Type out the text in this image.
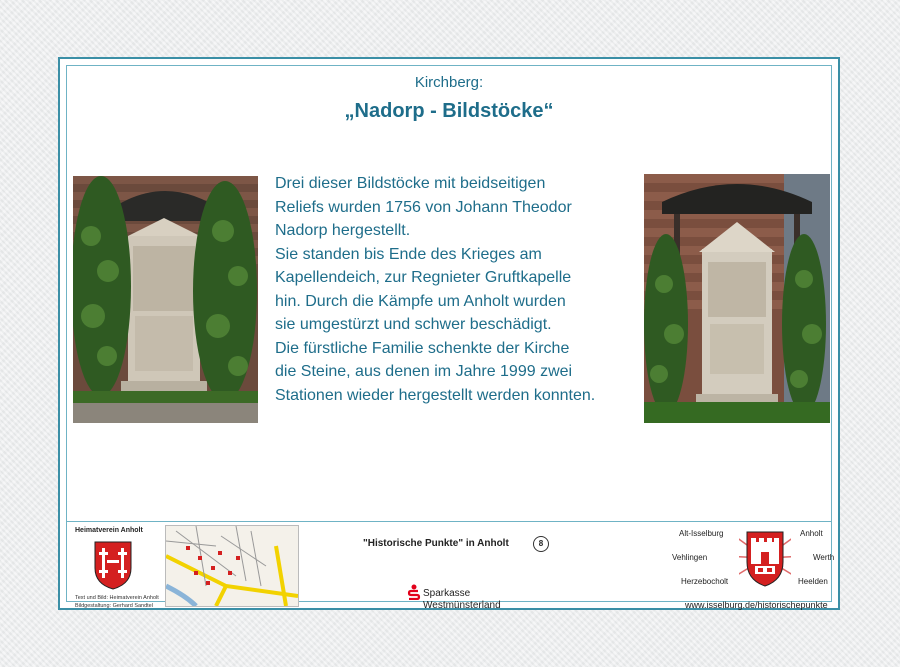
Kirchberg:
„Nadorp - Bildstöcke“
Drei dieser Bildstöcke mit beidseitigen
Reliefs wurden 1756 von Johann Theodor
Nadorp hergestellt.
Sie standen bis Ende des Krieges am
Kapellendeich, zur Regnieter Gruftkapelle
hin. Durch die Kämpfe um Anholt wurden
sie umgestürzt und schwer beschädigt.
Die fürstliche Familie schenkte der Kirche
die Steine, aus denen im Jahre 1999 zwei
Stationen wieder hergestellt werden konnten.
Heimatverein Anholt
Text und Bild: Heimatverein Anholt
Bildgestaltung: Gerhard Sandtel
"Historische Punkte" in Anholt	8
Sparkasse
Westmünsterland
Alt-Isselburg	Anholt
Vehlingen	Werth
Herzebocholt	Heelden
www.isselburg.de/historischepunkte
